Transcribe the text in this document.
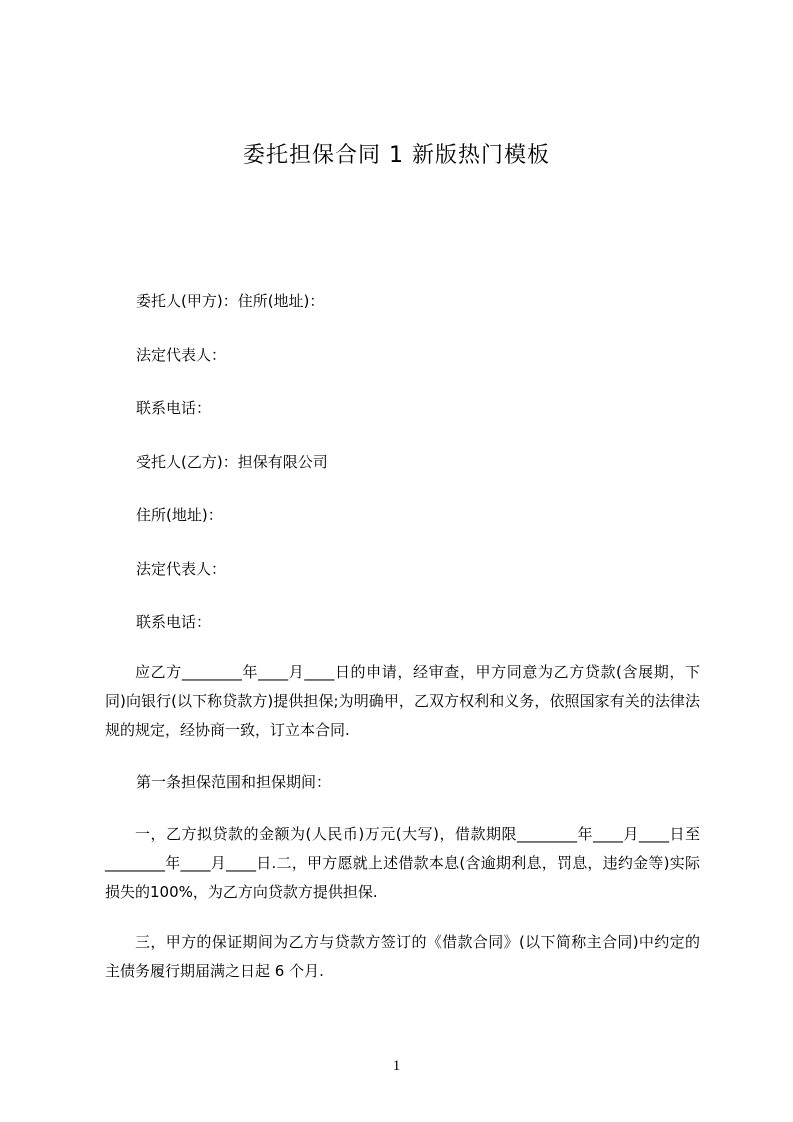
委托担保合同 1 新版热门模板
委托人(甲方)：住所(地址)：
法定代表人：
联系电话：
受托人(乙方)：担保有限公司
住所(地址)：
法定代表人：
联系电话：

应乙方________年____月____日的申请，经审查，甲方同意为乙方贷款(含展期，下同)向银行(以下称贷款方)提供担保;为明确甲，乙双方权利和义务，依照国家有关的法律法规的规定，经协商一致，订立本合同.

第一条担保范围和担保期间：

一，乙方拟贷款的金额为(人民币)万元(大写)，借款期限________年____月____日至________年____月____日.二，甲方愿就上述借款本息(含逾期利息，罚息，违约金等)实际损失的100%，为乙方向贷款方提供担保.

三，甲方的保证期间为乙方与贷款方签订的《借款合同》(以下简称主合同)中约定的主债务履行期届满之日起 6 个月.

1
